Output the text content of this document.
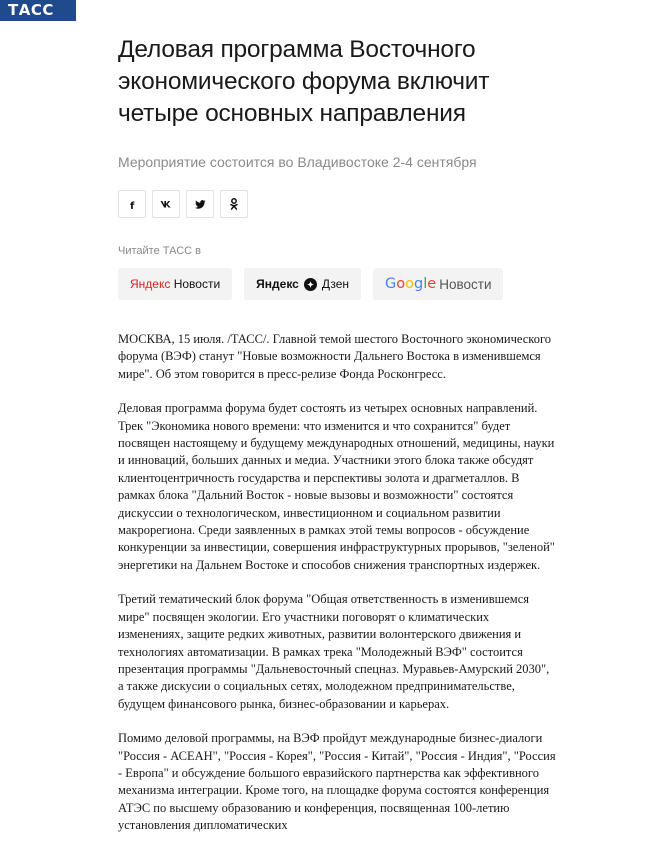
ТАСС
Деловая программа Восточного экономического форума включит четыре основных направления
Мероприятие состоится во Владивостоке 2-4 сентября
f
Читайте ТАСС в
Яндекс
Новости	Яндекс Дзен Google Новости

МОСКВА, 15 июля. /ТАСС/. Главной темой шестого Восточного экономического форума (ВЭФ) станут "Новые возможности Дальнего Востока в изменившемся мире". Об этом говорится в пресс-релизе Фонда Росконгресс.

Деловая программа форума будет состоять из четырех основных направлений. Трек "Экономика нового времени: что изменится и что сохранится" будет посвящен настоящему и будущему международных отношений, медицины, науки и инноваций, больших данных и медиа. Участники этого блока также обсудят клиентоцентричность государства и перспективы золота и драгметаллов. В рамках блока "Дальний Восток - новые вызовы и возможности" состоятся дискуссии о технологическом, инвестиционном и социальном развитии макрорегиона. Среди заявленных в рамках этой темы вопросов - обсуждение конкуренции за инвестиции, совершения инфраструктурных прорывов, "зеленой" энергетики на Дальнем Востоке и способов снижения транспортных издержек.

Третий тематический блок форума "Общая ответственность в изменившемся мире" посвящен экологии. Его участники поговорят о климатических изменениях, защите редких животных, развитии волонтерского движения и технологиях автоматизации. В рамках трека "Молодежный ВЭФ" состоится презентация программы "Дальневосточный спецназ. Муравьев-Амурский 2030", а также дискусии о социальных сетях, молодежном предпринимательстве, будущем финансового рынка, бизнес-образовании и карьерах.

Помимо деловой программы, на ВЭФ пройдут международные бизнес-диалоги "Россия - АСЕАН", "Россия - Корея", "Россия - Китай", "Россия - Индия", "Россия - Европа" и обсуждение большого евразийского партнерства как эффективного механизма интеграции. Кроме того, на площадке форума состоятся конференция АТЭС по высшему образованию и конференция, посвященная 100-летию установления дипломатических
